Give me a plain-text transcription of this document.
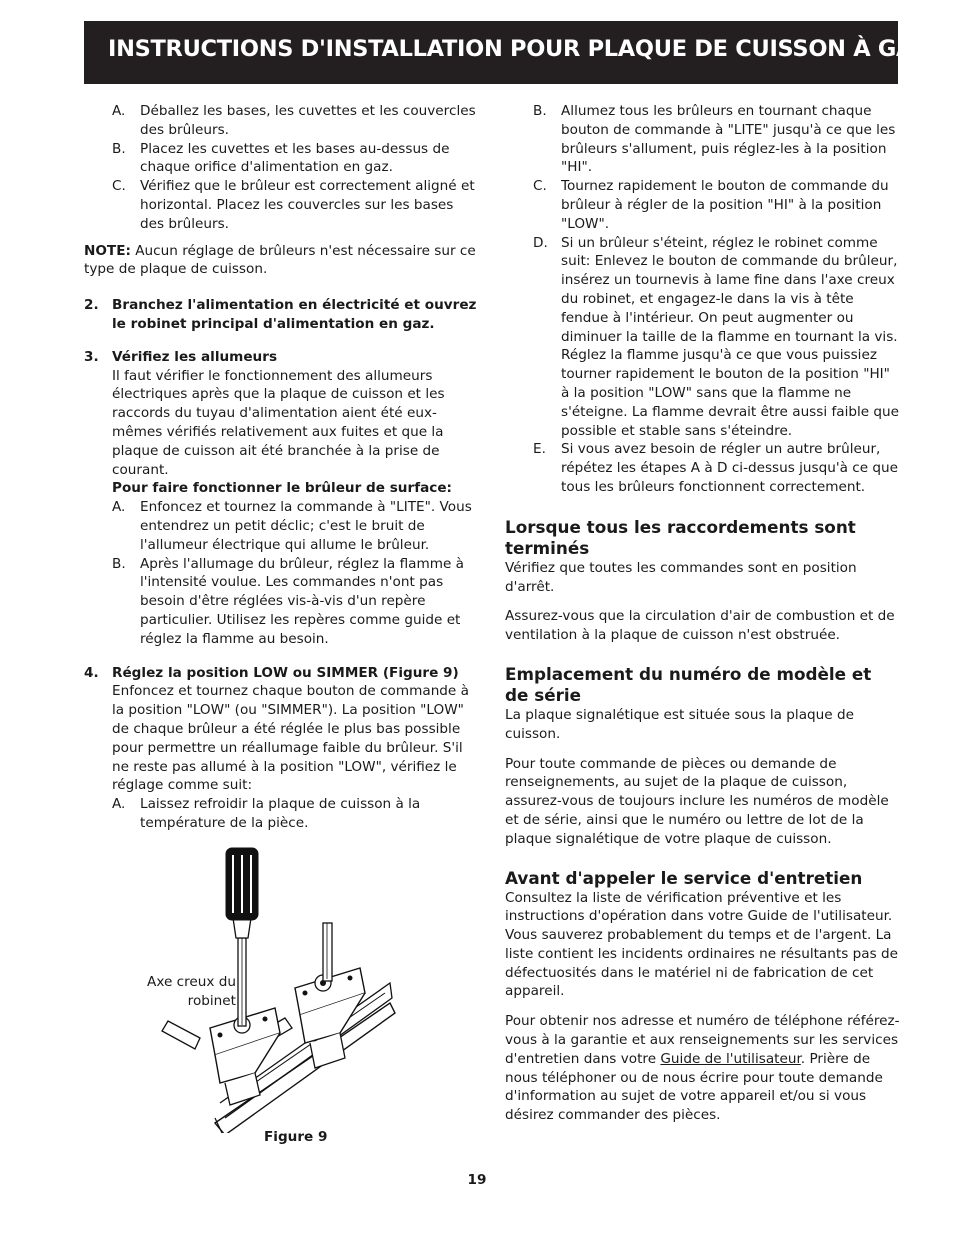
INSTRUCTIONS D'INSTALLATION POUR PLAQUE DE CUISSON À GAZ
A. Déballez les bases, les cuvettes et les couvercles des brûleurs.
B. Placez les cuvettes et les bases au-dessus de chaque orifice d'alimentation en gaz.
C. Vérifiez que le brûleur est correctement aligné et horizontal. Placez les couvercles sur les bases des brûleurs.
NOTE: Aucun réglage de brûleurs n'est nécessaire sur ce type de plaque de cuisson.
2. Branchez l'alimentation en électricité et ouvrez le robinet principal d'alimentation en gaz.
3. Vérifiez les allumeurs
Il faut vérifier le fonctionnement des allumeurs électriques après que la plaque de cuisson et les raccords du tuyau d'alimentation aient été eux-mêmes vérifiés relativement aux fuites et que la plaque de cuisson ait été branchée à la prise de courant.
Pour faire fonctionner le brûleur de surface:
A. Enfoncez et tournez la commande à "LITE". Vous entendrez un petit déclic; c'est le bruit de l'allumeur électrique qui allume le brûleur.
B. Après l'allumage du brûleur, réglez la flamme à l'intensité voulue. Les commandes n'ont pas besoin d'être réglées vis-à-vis d'un repère particulier. Utilisez les repères comme guide et réglez la flamme au besoin.
4. Réglez la position LOW ou SIMMER (Figure 9)
Enfoncez et tournez chaque bouton de commande à la position "LOW" (ou "SIMMER"). La position "LOW" de chaque brûleur a été réglée le plus bas possible pour permettre un réallumage faible du brûleur. S'il ne reste pas allumé à la position "LOW", vérifiez le réglage comme suit:
A. Laissez refroidir la plaque de cuisson à la température de la pièce.
Axe creux du robinet
Figure 9
B. Allumez tous les brûleurs en tournant chaque bouton de commande à "LITE" jusqu'à ce que les brûleurs s'allument, puis réglez-les à la position "HI".
C. Tournez rapidement le bouton de commande du brûleur à régler de la position "HI" à la position "LOW".
D. Si un brûleur s'éteint, réglez le robinet comme suit: Enlevez le bouton de commande du brûleur, insérez un tournevis à lame fine dans l'axe creux du robinet, et engagez-le dans la vis à tête fendue à l'intérieur. On peut augmenter ou diminuer la taille de la flamme en tournant la vis. Réglez la flamme jusqu'à ce que vous puissiez tourner rapidement le bouton de la position "HI" à la position "LOW" sans que la flamme ne s'éteigne. La flamme devrait être aussi faible que possible et stable sans s'éteindre.
E. Si vous avez besoin de régler un autre brûleur, répétez les étapes A à D ci-dessus jusqu'à ce que tous les brûleurs fonctionnent correctement.
Lorsque tous les raccordements sont terminés
Vérifiez que toutes les commandes sont en position d'arrêt.
Assurez-vous que la circulation d'air de combustion et de ventilation à la plaque de cuisson n'est obstruée.
Emplacement du numéro de modèle et de série
La plaque signalétique est située sous la plaque de cuisson.
Pour toute commande de pièces ou demande de renseignements, au sujet de la plaque de cuisson, assurez-vous de toujours inclure les numéros de modèle et de série, ainsi que le numéro ou lettre de lot de la plaque signalétique de votre plaque de cuisson.
Avant d'appeler le service d'entretien
Consultez la liste de vérification préventive et les instructions d'opération dans votre Guide de l'utilisateur. Vous sauverez probablement du temps et de l'argent. La liste contient les incidents ordinaires ne résultants pas de défectuosités dans le matériel ni de fabrication de cet appareil.
Pour obtenir nos adresse et numéro de téléphone référez-vous à la garantie et aux renseignements sur les services d'entretien dans votre Guide de l'utilisateur. Prière de nous téléphoner ou de nous écrire pour toute demande d'information au sujet de votre appareil et/ou si vous désirez commander des pièces.
19
